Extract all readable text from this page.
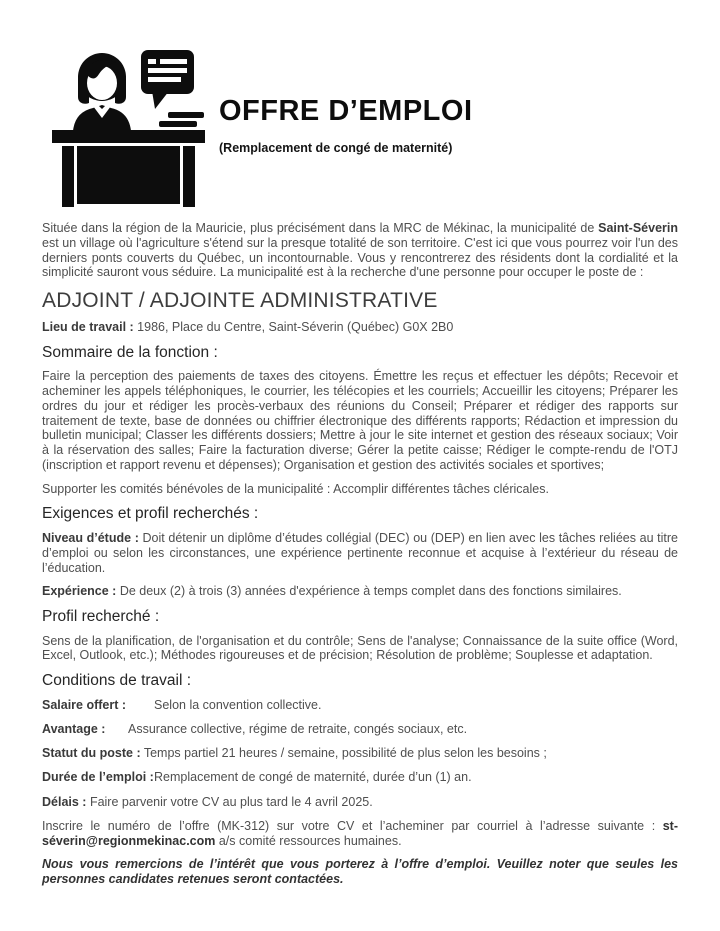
OFFRE D’EMPLOI
(Remplacement de congé de maternité)

Située dans la région de la Mauricie, plus précisément dans la MRC de Mékinac, la municipalité de Saint-Séverin est un village où l'agriculture s'étend sur la presque totalité de son territoire. C'est ici que vous pourrez voir l'un des derniers ponts couverts du Québec, un incontournable. Vous y rencontrerez des résidents dont la cordialité et la simplicité sauront vous séduire. La municipalité est à la recherche d'une personne pour occuper le poste de :

ADJOINT / ADJOINTE ADMINISTRATIVE

Lieu de travail : 1986, Place du Centre, Saint-Séverin (Québec) G0X 2B0

Sommaire de la fonction :

Faire la perception des paiements de taxes des citoyens. Émettre les reçus et effectuer les dépôts; Recevoir et acheminer les appels téléphoniques, le courrier, les télécopies et les courriels; Accueillir les citoyens; Préparer les ordres du jour et rédiger les procès-verbaux des réunions du Conseil; Préparer et rédiger des rapports sur traitement de texte, base de données ou chiffrier électronique des différents rapports; Rédaction et impression du bulletin municipal; Classer les différents dossiers; Mettre à jour le site internet et gestion des réseaux sociaux; Voir à la réservation des salles; Faire la facturation diverse; Gérer la petite caisse; Rédiger le compte-rendu de l'OTJ (inscription et rapport revenu et dépenses); Organisation et gestion des activités sociales et sportives;

Supporter les comités bénévoles de la municipalité : Accomplir différentes tâches cléricales.

Exigences et profil recherchés :

Niveau d’étude : Doit détenir un diplôme d’études collégial (DEC) ou (DEP) en lien avec les tâches reliées au titre d’emploi ou selon les circonstances, une expérience pertinente reconnue et acquise à l’extérieur du réseau de l’éducation.

Expérience : De deux (2) à trois (3) années d'expérience à temps complet dans des fonctions similaires.

Profil recherché :

Sens de la planification, de l'organisation et du contrôle; Sens de l'analyse; Connaissance de la suite office (Word, Excel, Outlook, etc.); Méthodes rigoureuses et de précision; Résolution de problème; Souplesse et adaptation.

Conditions de travail :
Salaire offert : Selon la convention collective.
Avantage : Assurance collective, régime de retraite, congés sociaux, etc.
Statut du poste : Temps partiel 21 heures / semaine, possibilité de plus selon les besoins ;
Durée de l’emploi :Remplacement de congé de maternité, durée d’un (1) an.
Délais : Faire parvenir votre CV au plus tard le 4 avril 2025.

Inscrire le numéro de l’offre (MK-312) sur votre CV et l’acheminer par courriel à l’adresse suivante : st-séverin@regionmekinac.com a/s comité ressources humaines.

Nous vous remercions de l’intérêt que vous porterez à l’offre d’emploi. Veuillez noter que seules les personnes candidates retenues seront contactées.
